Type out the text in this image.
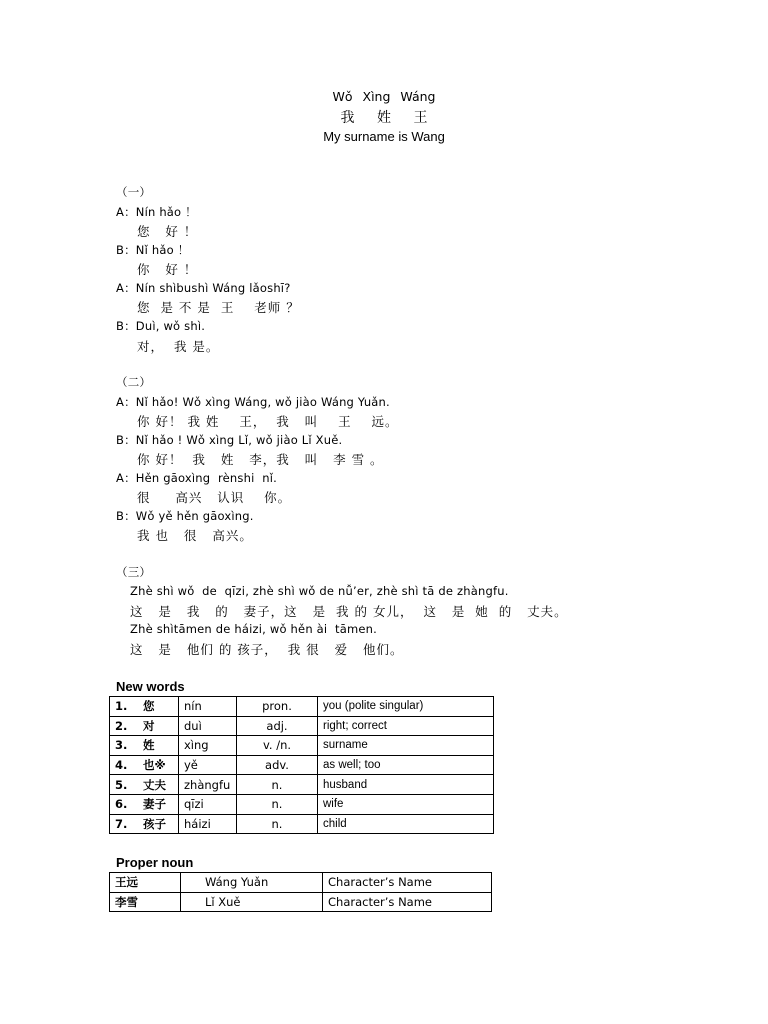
Wǒ Xìng Wáng
我 姓 王
My surname is Wang
（一）
A：Nín hǎo ！
您   好 ！
B：Nǐ hǎo ！
你   好 ！
A：Nín shìbushì Wáng lǎoshī?
您  是 不 是  王    老师 ？
B：Duì, wǒ shì.
对，  我 是。
（二）
A：Nǐ hǎo! Wǒ xìng Wáng, wǒ jiào Wáng Yuǎn.
你 好！ 我 姓    王，  我   叫    王    远。
B：Nǐ hǎo ! Wǒ xìng Lǐ, wǒ jiào Lǐ Xuě.
你 好！  我   姓   李，我   叫   李 雪 。
A：Hěn gāoxìng  rènshi  nǐ.
很     高兴   认识    你。
B：Wǒ yě hěn gāoxìng.
我 也   很   高兴。
（三）
Zhè shì wǒ  de  qīzi, zhè shì wǒ de nǚ’er, zhè shì tā de zhàngfu.
这   是   我   的   妻子，这   是  我 的 女儿，  这   是  她  的   丈夫。
Zhè shìtāmen de háizi, wǒ hěn ài  tāmen.
这   是   他们 的 孩子，  我 很   爱   他们。
New words
1. 您	nín	pron.	you (polite singular)
2. 对	duì	adj.	right; correct
3. 姓	xìng	v. /n.	surname
4. 也※	yě	adv.	as well; too
5. 丈夫	zhàngfu	n.	husband
6. 妻子	qīzi	n.	wife
7. 孩子	háizi	n.	child
Proper noun
王远	Wáng Yuǎn	Character’s Name
李雪	Lǐ Xuě	Character’s Name
